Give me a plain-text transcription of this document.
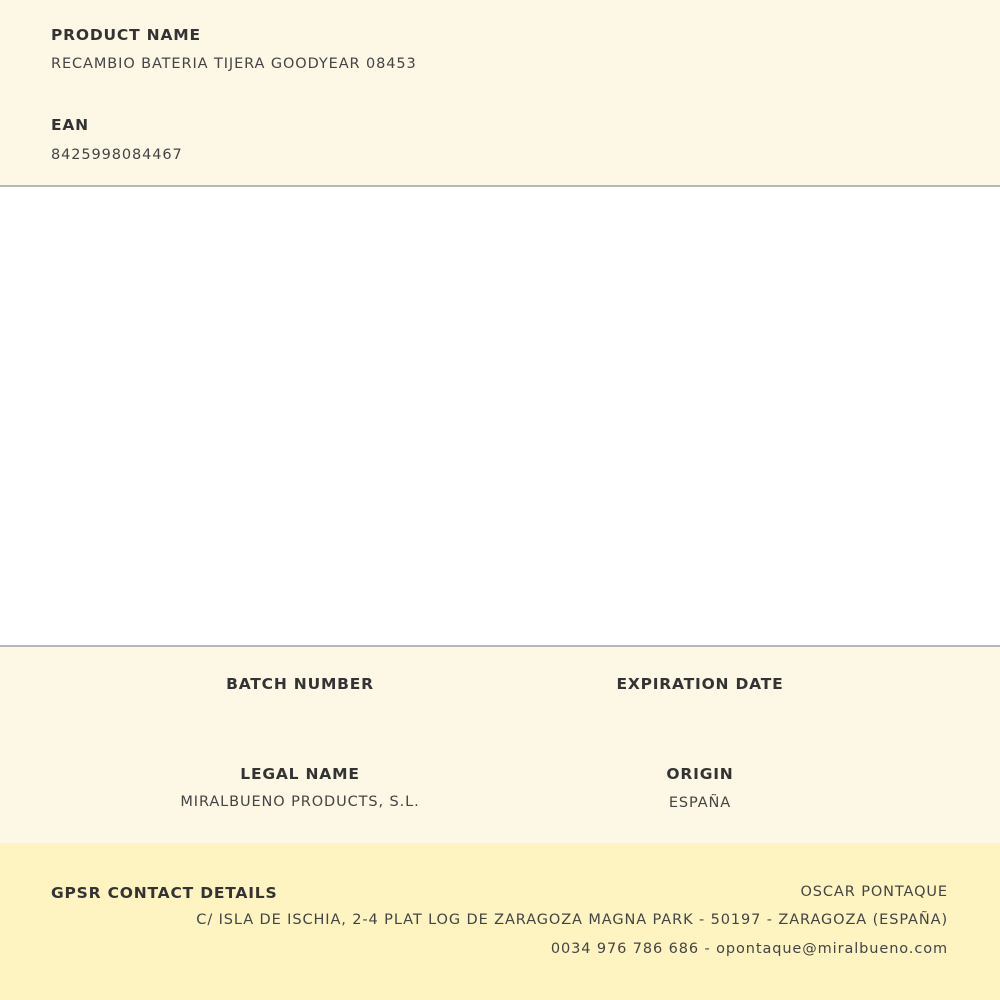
PRODUCT NAME
RECAMBIO BATERIA TIJERA GOODYEAR 08453
EAN
8425998084467
BATCH NUMBER	EXPIRATION DATE
LEGAL NAME
MIRALBUENO PRODUCTS, S.L.
ORIGIN
ESPAÑA
GPSR CONTACT DETAILS	OSCAR PONTAQUE
C/ ISLA DE ISCHIA, 2-4 PLAT LOG DE ZARAGOZA MAGNA PARK - 50197 - ZARAGOZA (ESPAÑA)
0034 976 786 686 - opontaque@miralbueno.com
